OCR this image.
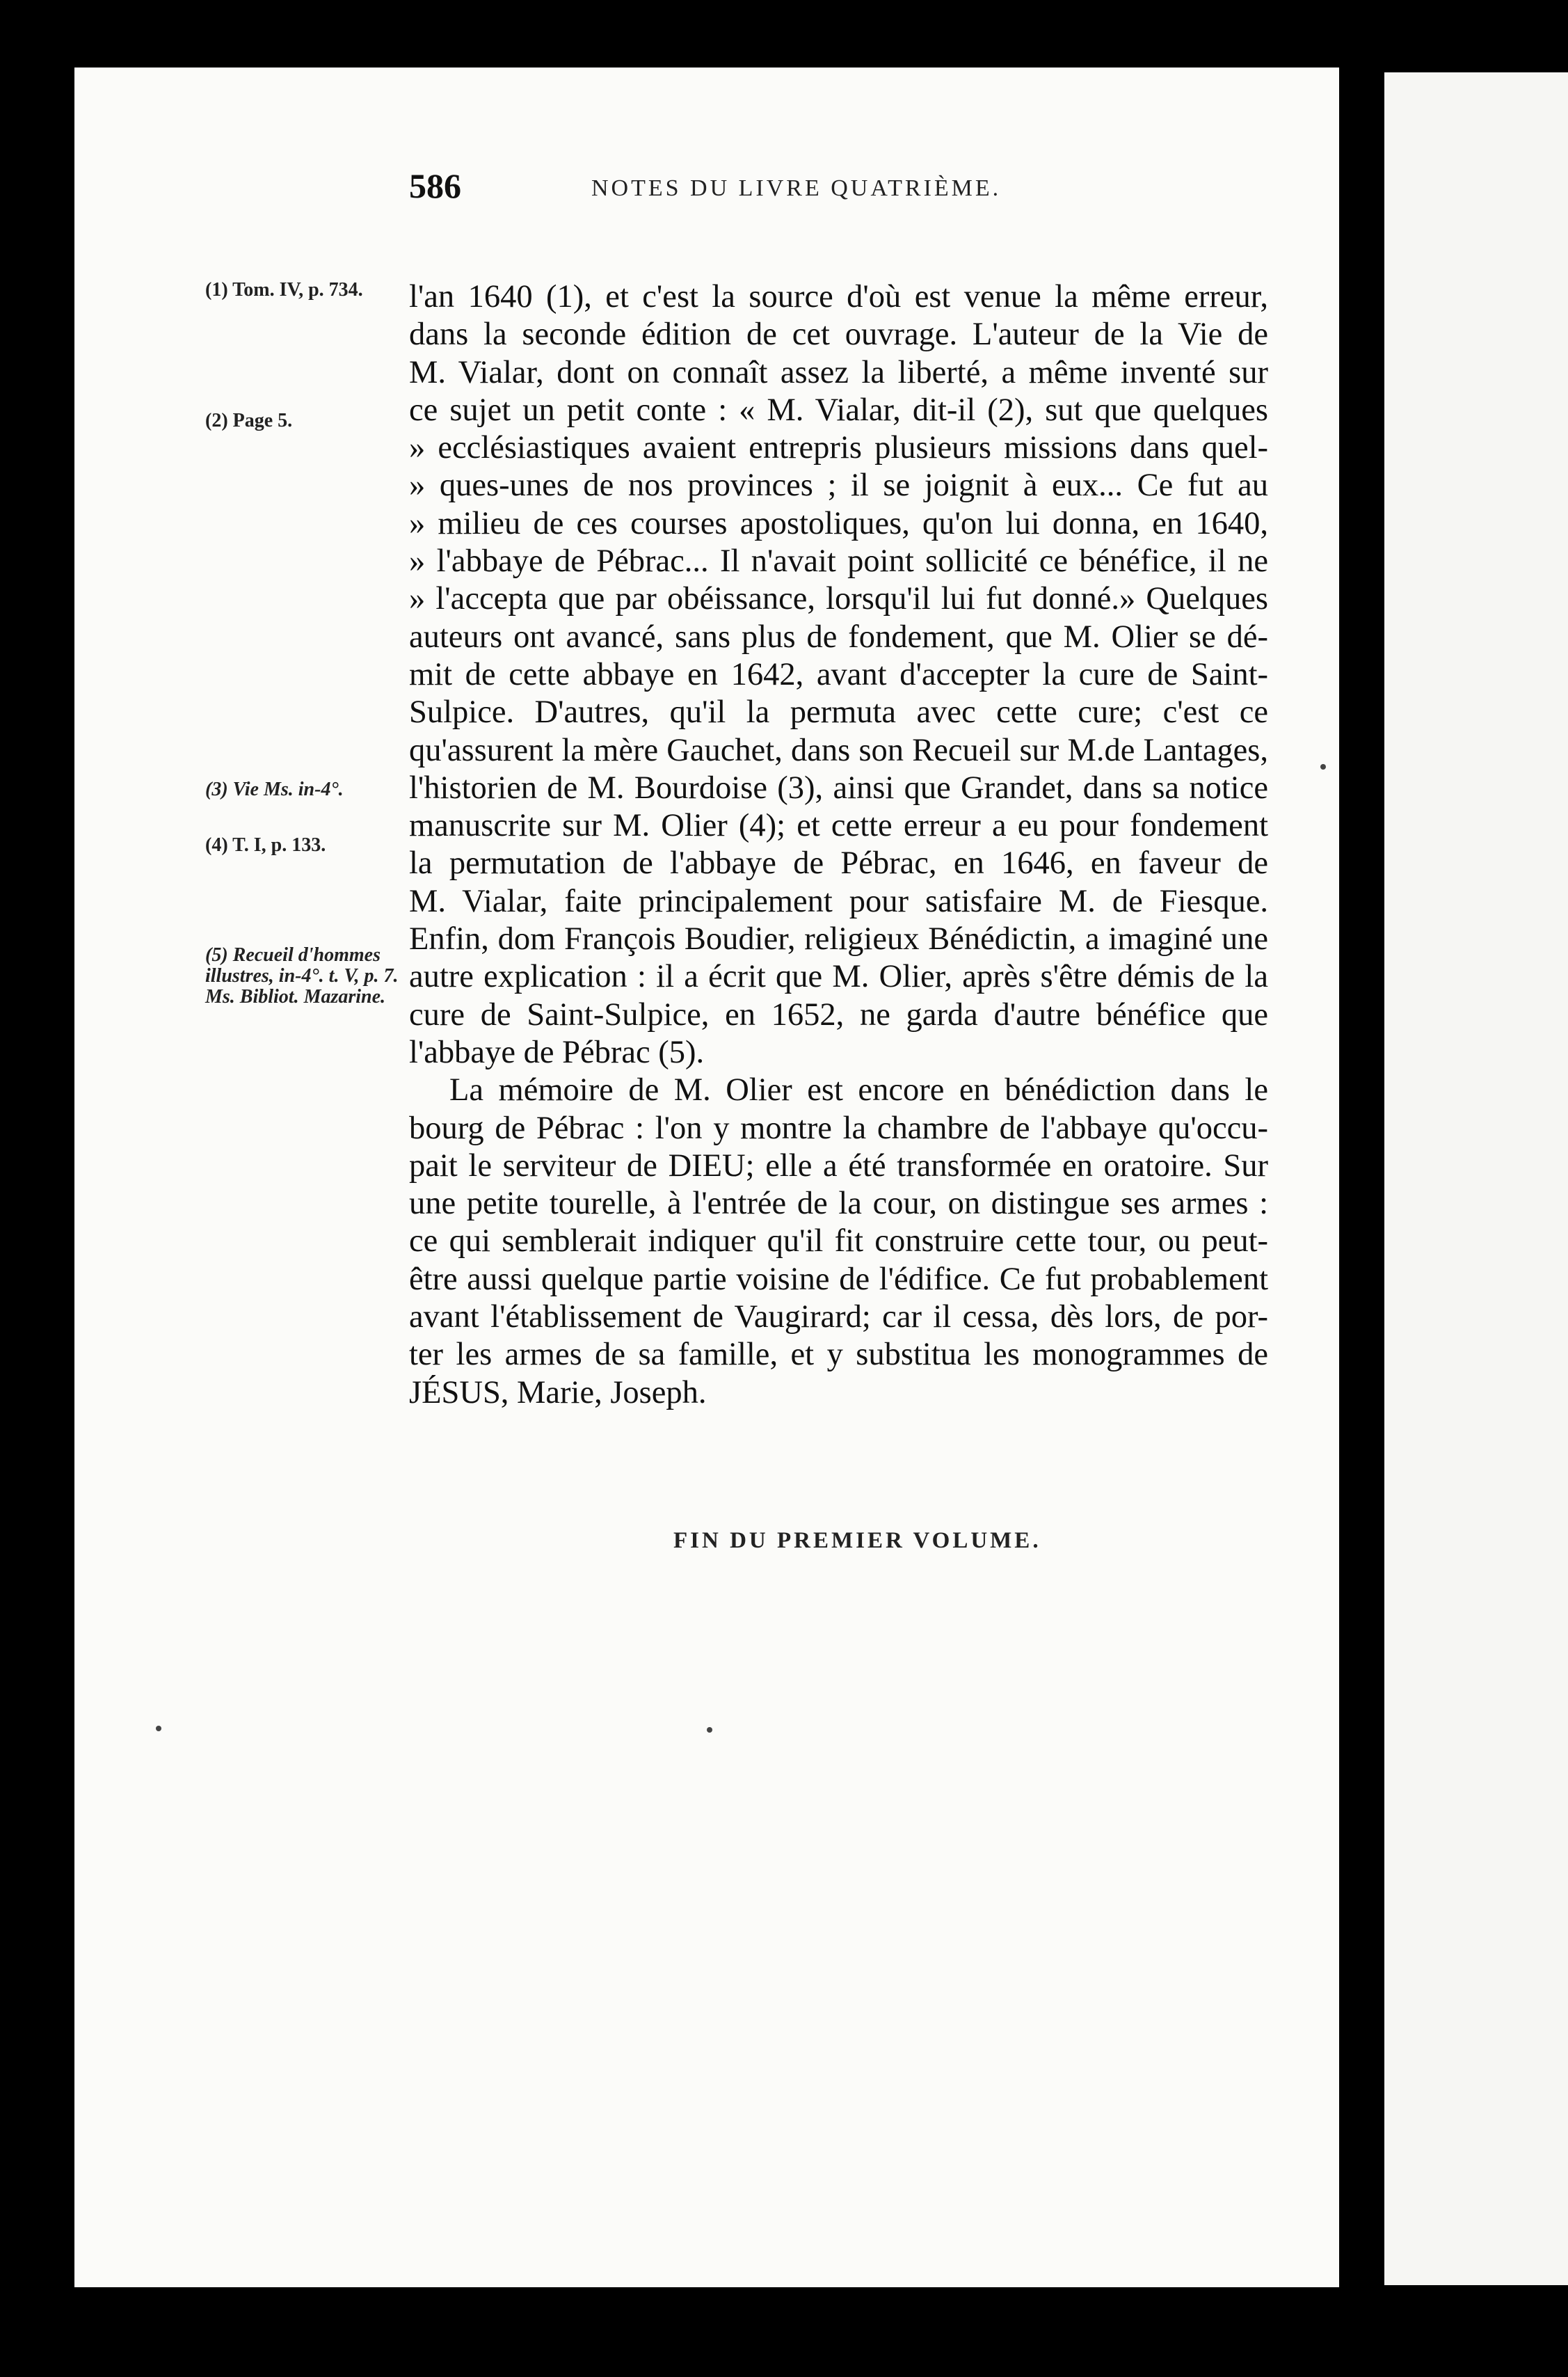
586	NOTES DU LIVRE QUATRIÈME.
(1) Tom. IV, p. 734.
(2) Page 5.
(3) Vie Ms. in-4°.
(4) T. I, p. 133.
(5) Recueil d'hommes illustres, in-4°. t. V, p. 7. Ms. Bibliot. Mazarine.
l'an 1640 (1), et c'est la source d'où est venue la même erreur,
dans la seconde édition de cet ouvrage. L'auteur de la Vie de
M. Vialar, dont on connaît assez la liberté, a même inventé sur
ce sujet un petit conte : « M. Vialar, dit-il (2), sut que quelques
» ecclésiastiques avaient entrepris plusieurs missions dans quel-
» ques-unes de nos provinces ; il se joignit à eux... Ce fut au
» milieu de ces courses apostoliques, qu'on lui donna, en 1640,
» l'abbaye de Pébrac... Il n'avait point sollicité ce bénéfice, il ne
» l'accepta que par obéissance, lorsqu'il lui fut donné.» Quelques
auteurs ont avancé, sans plus de fondement, que M. Olier se dé-
mit de cette abbaye en 1642, avant d'accepter la cure de Saint-
Sulpice. D'autres, qu'il la permuta avec cette cure; c'est ce
qu'assurent la mère Gauchet, dans son Recueil sur M.de Lantages,
l'historien de M. Bourdoise (3), ainsi que Grandet, dans sa notice
manuscrite sur M. Olier (4); et cette erreur a eu pour fondement
la permutation de l'abbaye de Pébrac, en 1646, en faveur de
M. Vialar, faite principalement pour satisfaire M. de Fiesque.
Enfin, dom François Boudier, religieux Bénédictin, a imaginé une
autre explication : il a écrit que M. Olier, après s'être démis de la
cure de Saint-Sulpice, en 1652, ne garda d'autre bénéfice que
l'abbaye de Pébrac (5).
La mémoire de M. Olier est encore en bénédiction dans le
bourg de Pébrac : l'on y montre la chambre de l'abbaye qu'occu-
pait le serviteur de DIEU; elle a été transformée en oratoire. Sur
une petite tourelle, à l'entrée de la cour, on distingue ses armes :
ce qui semblerait indiquer qu'il fit construire cette tour, ou peut-
être aussi quelque partie voisine de l'édifice. Ce fut probablement
avant l'établissement de Vaugirard; car il cessa, dès lors, de por-
ter les armes de sa famille, et y substitua les monogrammes de
JÉSUS, Marie, Joseph.
FIN DU PREMIER VOLUME.
